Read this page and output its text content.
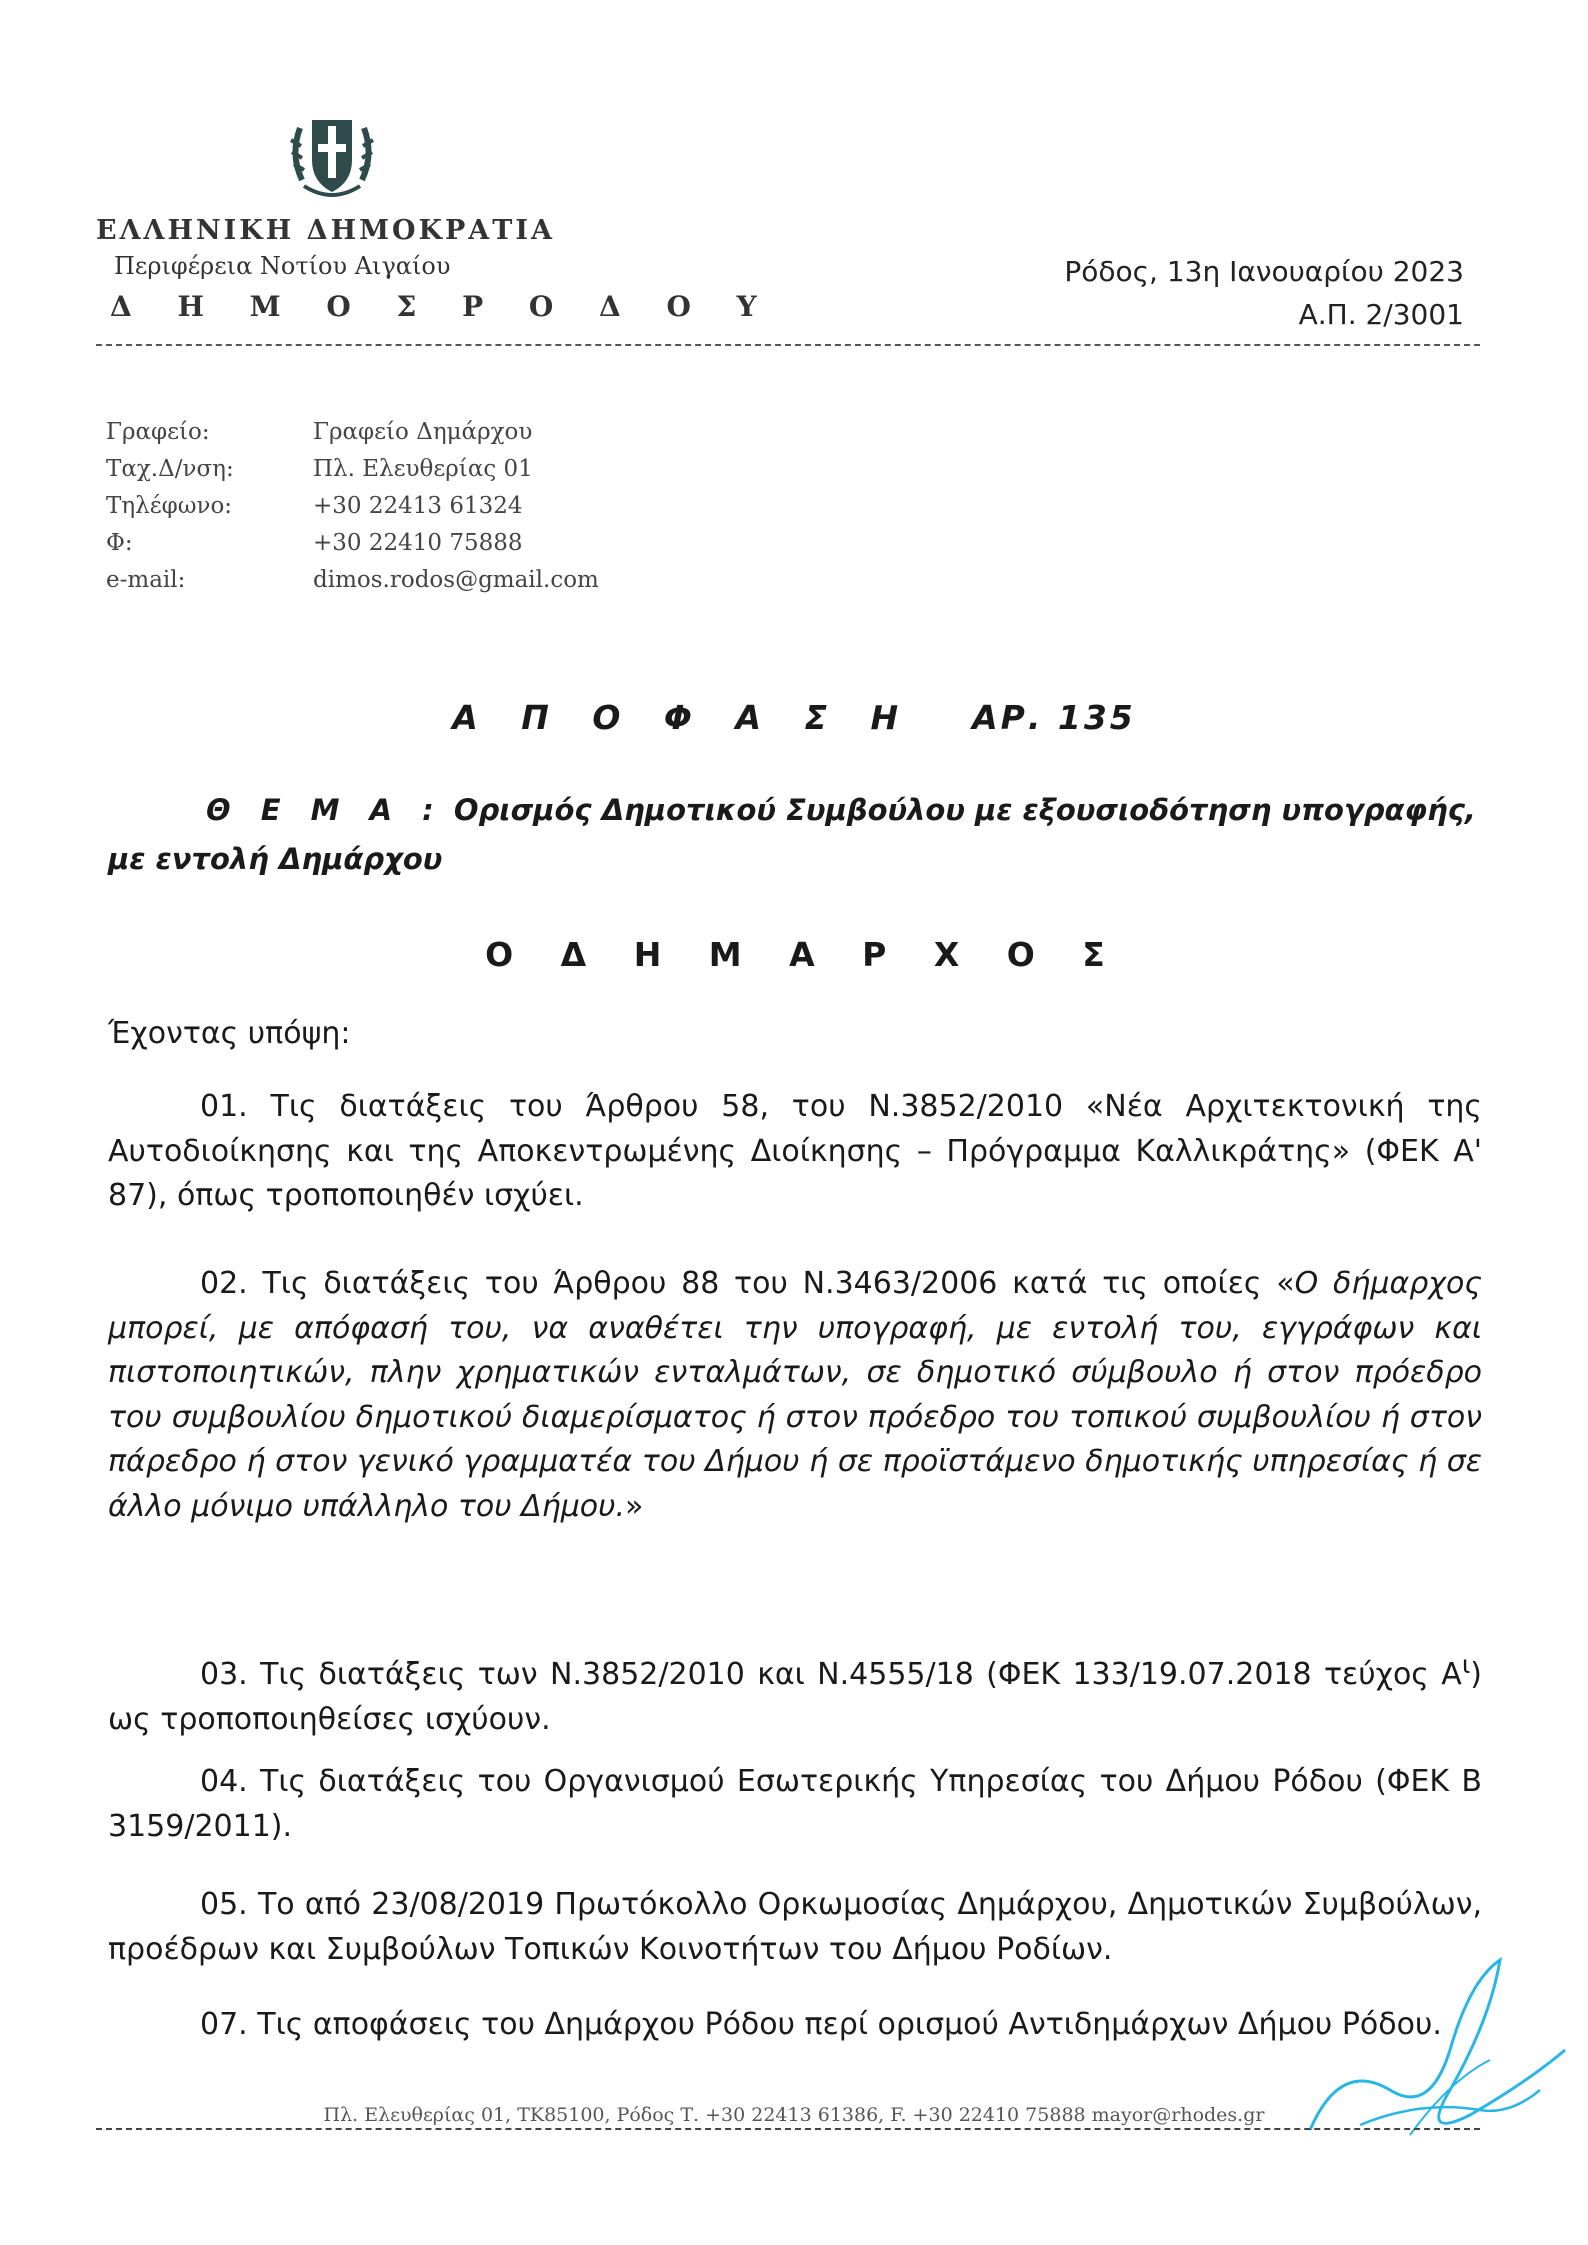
ΕΛΛΗΝΙΚΗ ΔΗΜΟΚΡΑΤΙΑ
Περιφέρεια Νοτίου Αιγαίου
Δ Η Μ Ο Σ Ρ Ο Δ Ο Υ
Ρόδος, 13η Ιανουαρίου 2023
Α.Π. 2/3001
Γραφείο:	Γραφείο Δημάρχου
Ταχ.Δ/νση:	Πλ. Ελευθερίας 01
Τηλέφωνο:	+30 22413 61324
Φ:	+30 22410 75888
e-mail:	dimos.rodos@gmail.com
Α Π Ο Φ Α Σ Η ΑΡ. 135
Θ Ε Μ Α : Ορισμός Δημοτικού Συμβούλου με εξουσιοδότηση υπογραφής, με εντολή Δημάρχου
Ο Δ Η Μ Α Ρ Χ Ο Σ
Έχοντας υπόψη:
01. Τις διατάξεις του Άρθρου 58, του Ν.3852/2010 «Νέα Αρχιτεκτονική της Αυτοδιοίκησης και της Αποκεντρωμένης Διοίκησης – Πρόγραμμα Καλλικράτης» (ΦΕΚ Α' 87), όπως τροποποιηθέν ισχύει.
02. Τις διατάξεις του Άρθρου 88 του Ν.3463/2006 κατά τις οποίες «Ο δήμαρχος μπορεί, με απόφασή του, να αναθέτει την υπογραφή, με εντολή του, εγγράφων και πιστοποιητικών, πλην χρηματικών ενταλμάτων, σε δημοτικό σύμβουλο ή στον πρόεδρο του συμβουλίου δημοτικού διαμερίσματος ή στον πρόεδρο του τοπικού συμβουλίου ή στον πάρεδρο ή στον γενικό γραμματέα του Δήμου ή σε προϊστάμενο δημοτικής υπηρεσίας ή σε άλλο μόνιμο υπάλληλο του Δήμου.»
03. Τις διατάξεις των Ν.3852/2010 και Ν.4555/18 (ΦΕΚ 133/19.07.2018 τεύχος $A^\iota$) ως τροποποιηθείσες ισχύουν.
04. Τις διατάξεις του Οργανισμού Εσωτερικής Υπηρεσίας του Δήμου Ρόδου (ΦΕΚ Β 3159/2011).
05. Το από 23/08/2019 Πρωτόκολλο Ορκωμοσίας Δημάρχου, Δημοτικών Συμβούλων, προέδρων και Συμβούλων Τοπικών Κοινοτήτων του Δήμου Ροδίων.
07. Τις αποφάσεις του Δημάρχου Ρόδου περί ορισμού Αντιδημάρχων Δήμου Ρόδου.
Πλ. Ελευθερίας 01, ΤΚ85100, Ρόδος Τ. +30 22413 61386, F. +30 22410 75888 mayor@rhodes.gr
